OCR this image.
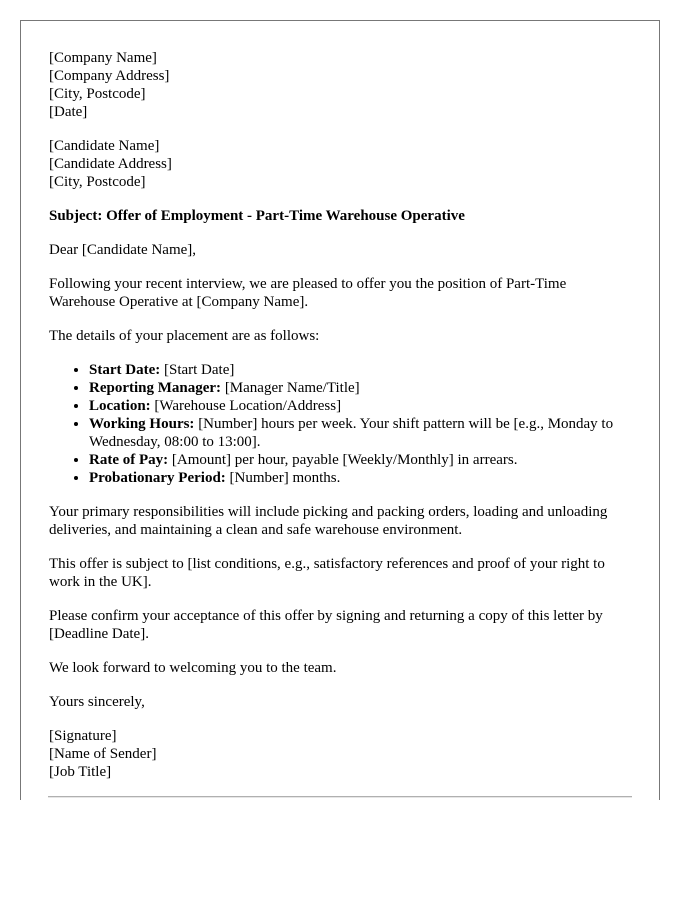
[Company Name]
[Company Address]
[City, Postcode]
[Date]
[Candidate Name]
[Candidate Address]
[City, Postcode]

Subject: Offer of Employment - Part-Time Warehouse Operative

Dear [Candidate Name],

Following your recent interview, we are pleased to offer you the position of Part-Time Warehouse Operative at [Company Name].

The details of your placement are as follows:

• Start Date: [Start Date]
• Reporting Manager: [Manager Name/Title]
• Location: [Warehouse Location/Address]
• Working Hours: [Number] hours per week. Your shift pattern will be [e.g., Monday to Wednesday, 08:00 to 13:00].
• Rate of Pay: [Amount] per hour, payable [Weekly/Monthly] in arrears.
• Probationary Period: [Number] months.

Your primary responsibilities will include picking and packing orders, loading and unloading deliveries, and maintaining a clean and safe warehouse environment.

This offer is subject to [list conditions, e.g., satisfactory references and proof of your right to work in the UK].

Please confirm your acceptance of this offer by signing and returning a copy of this letter by [Deadline Date].

We look forward to welcoming you to the team.

Yours sincerely,

[Signature]
[Name of Sender]
[Job Title]
